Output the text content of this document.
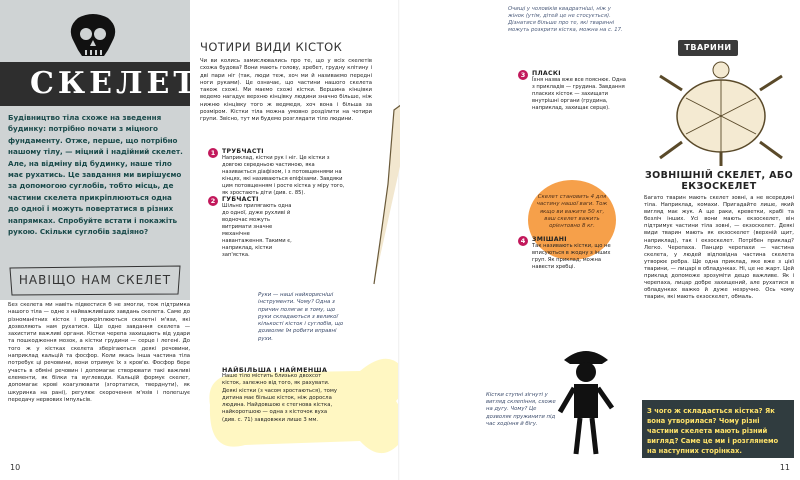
СКЕЛЕТ
Будівництво тіла схоже на зведення будинку: потрібно почати з міцного фундаменту. Отже, перше, що потрібно нашому тілу, — міцний і надійний скелет. Але, на відміну від будинку, наше тіло має рухатись. Це завдання ми вирішуємо за допомогою суглобів, тобто місць, де частини скелета прикріплюються одна до одної і можуть повертатися в різних напрямках. Спробуйте встати і покажіть рукою. Скільки суглобів задіяно?
НАВІЩО НАМ СКЕЛЕТ
Без скелета ми навіть підвестися б не змогли, тож підтримка нашого тіла — одне з найважливіших завдань скелета. Саме до різноманітних кісток і прикріплюються скелетні м'язи, які дозволяють нам рухатися. Ще одне завдання скелета — захистити важливі органи. Кістки черепа захищають від удари та пошкодження мозок, а кістки грудини — серце і легені. До того ж у кістках скелета зберігаються деякі речовини, наприклад кальцій та фосфор. Коли якась інша частина тіла потребує ці речовини, вони отримує їх з кров'ю. Фосфор бере участь в обміні речовин і допомагає створювати такі важливі елементи, як білки та вуглеводи. Кальцій формує скелет, допомагає кровi коагулювати (згортатися, тверднути), як шкуринка на рані), регулює скорочення м'язів і полегшує передачу нервових імпульсів.
ЧОТИРИ ВИДИ КІСТОК
Чи ви колись замислювались про те, що у всіх скелетів схожа будова? Вони мають голову, хребет, грудну клітину і дві пари ніг (так, люди теж, хоч ми й називаємо передні ноги руками). Це означає, що частини нашого скелета також схожі. Ми маємо схожі кістки. Вершина кінцівки ведемо нагадує верхню кінцівку людини значно більше, ніж нижню кінцівку того ж ведмедя, хоч вона і більша за розміром. Кістки тіла можна умовно розділити на чотири групи. Звісно, тут ми будемо розглядати тіло людини.
1	ТРУБЧАСТІ
Наприклад, кістки рук і ніг. Це кістки з довгою середньою частиною, яка називається діафізом, і з потовщеннями на кінцях, які називаються епіфізами. Завдяки цим потовщенням і ростe кістка у міру того, як зростають діти (див. с. 85).
2	ГУБЧАСТІ
Шільно прилягають одна до одної, дуже рухливі й водночас можуть витримати значне механічне навантаження. Такими є, наприклад, кістки зап'ястка.
Руки — наші найкорисніші інструменти. Чому? Одна з причин полягає в тому, що руки складаються з великої кількості кісток і суглобів, що дозволяє їм робити вправні рухи.
НАЙБІЛЬША І НАЙМЕНША
Наше тіло містить близько двохсот кісток, залежно від того, як рахувати. Деякі кістки (з часом зростаються), тому дитина має більше кісток, ніж доросла людина. Найдовшою є стегнова кістка, найкоротшою — одна з кісточок вуха (див. с. 71) завдовжки лише 3 мм.
10
Очищі у чоловіків квадратніші, ніж у жінок (утім, дітей це не стосується). Дізнатися більше про те, які тваринні можуть розкрити кісткa, можна на с. 17.
3	ПЛАСКІ
Їхня назва вже все пояснює. Одна з прикладів — грудина. Завдання пласких кісток — захищати внутрішні органи (грудина, наприклад, захищає серце).
Скелет становить 4 для частину нашої ваги. Тож якщо ви важите 50 кг, ваш скелет важить орієнтовно 8 кг.
4	ЗМІШАНІ
Так називають кістки, що не вписуються в жодну з інших груп. Як приклад, можна навести хребці.
Кістки ступні зігнуті у вигляд склепіння, схоже на дугу. Чому? Це дозволяє пружинити під час ходіння й бігу.
ТВАРИНИ
ЗОВНІШНІЙ СКЕЛЕТ, АБО ЕКЗОСКЕЛЕТ
Багато тварин мають скелет зовні, а не всередині тіла. Наприклад, комахи. Пригадайте лише, який вигляд має жук. А ще раки, креветки, крабі та безліч інших. Усі вони мають екзоскелет, він підтримує частини тіла зовні, — екзоскелет. Деякі види тварин мають як екзоскелет (верхній щит, наприклад), так і екзоскелет. Потрібен приклад? Легко. Черепаха. Панцир черепахи — частина скелета, у людей відповідна частина скелета утворює ребра. Ще одна приклад, яке вже з цієї тварини, — лицарі в обладунках. Ні, це не жарт. Цей приклад допоможе зрозуміти дещо важливе. Як і черепаха, лицар добре захищений, але рухатися в обладунках важко й дуже незручно. Ось чому тварин, які мають екзоскелет, обмаль.
З чого ж складається кістка? Як вона утворилася? Чому різні частини скелета мають різний вигляд? Саме це ми і розглянемо на наступних сторінках.
11
